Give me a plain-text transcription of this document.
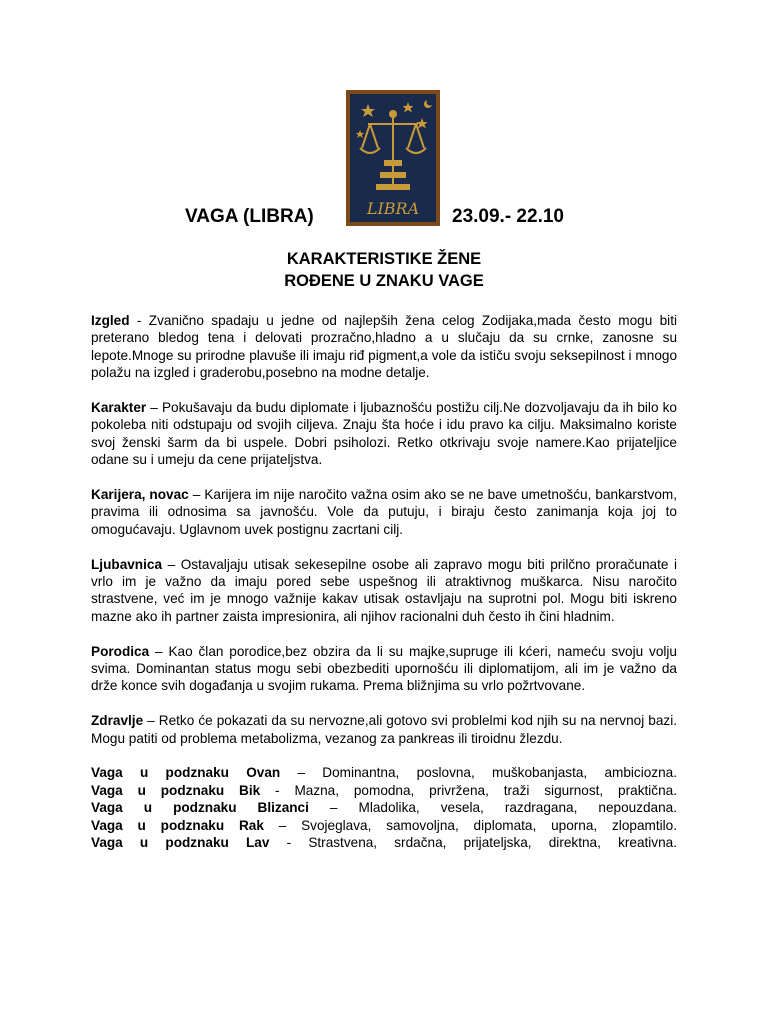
VAGA (LIBRA)	LIBRA 23.09.- 22.10
KARAKTERISTIKE ŽENE
ROĐENE U ZNAKU VAGE

Izgled - Zvanično spadaju u jedne od najlepših žena celog Zodijaka,mada često mogu biti preterano bledog tena i delovati prozračno,hladno a u slučaju da su crnke, zanosne su lepote.Mnoge su prirodne plavuše ili imaju riđ pigment,a vole da ističu svoju seksepilnost i mnogo polažu na izgled i graderobu,posebno na modne detalje.

Karakter – Pokušavaju da budu diplomate i ljubaznošću postižu cilj.Ne dozvoljavaju da ih bilo ko pokoleba niti odstupaju od svojih ciljeva. Znaju šta hoće i idu pravo ka cilju. Maksimalno koriste svoj ženski šarm da bi uspele. Dobri psiholozi. Retko otkrivaju svoje namere.Kao prijateljice odane su i umeju da cene prijateljstva.

Karijera, novac – Karijera im nije naročito važna osim ako se ne bave umetnošću, bankarstvom, pravima ili odnosima sa javnošću. Vole da putuju, i biraju često zanimanja koja joj to omogućavaju. Uglavnom uvek postignu zacrtani cilj.

Ljubavnica – Ostavaljaju utisak sekesepilne osobe ali zapravo mogu biti prilčno proračunate i vrlo im je važno da imaju pored sebe uspešnog ili atraktivnog muškarca. Nisu naročito strastvene, već im je mnogo važnije kakav utisak ostavljaju na suprotni pol. Mogu biti iskreno mazne ako ih partner zaista impresionira, ali njihov racionalni duh često ih čini hladnim.

Porodica – Kao član porodice,bez obzira da li su majke,supruge ili kćeri, nameću svoju volju svima. Dominantan status mogu sebi obezbediti upornošću ili diplomatijom, ali im je važno da drže konce svih događanja u svojim rukama. Prema bližnjima su vrlo požrtvovane.

Zdravlje – Retko će pokazati da su nervozne,ali gotovo svi problelmi kod njih su na nervnoj bazi. Mogu patiti od problema metabolizma, vezanog za pankreas ili tiroidnu žlezdu.

Vaga u podznaku Ovan – Dominantna, poslovna, muškobanjasta, ambiciozna.

Vaga u podznaku Bik - Mazna, pomodna, privržena, traži sigurnost, praktična.

Vaga u podznaku Blizanci – Mladolika, vesela, razdragana, nepouzdana.

Vaga u podznaku Rak – Svojeglava, samovoljna, diplomata, uporna, zlopamtilo.

Vaga u podznaku Lav - Strastvena, srdačna, prijateljska, direktna, kreativna.
